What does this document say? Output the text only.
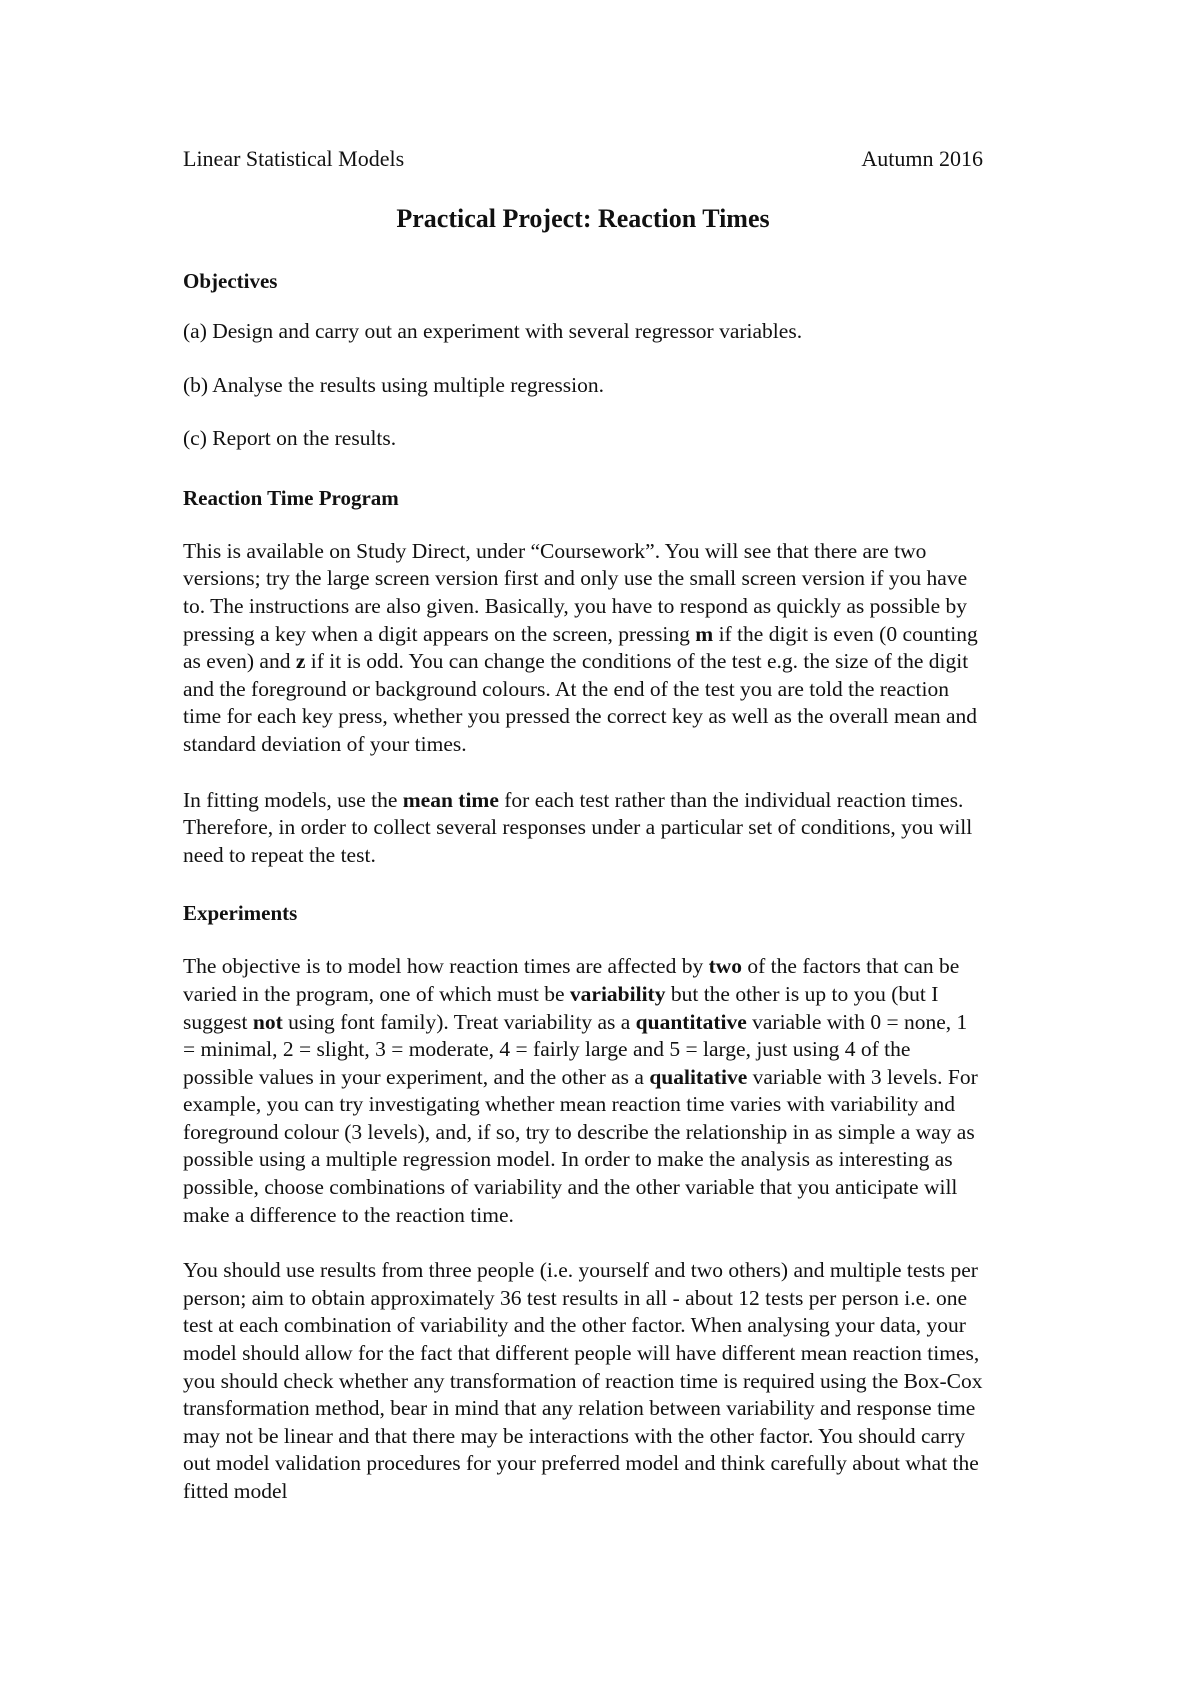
Linear Statistical Models	Autumn 2016
Practical Project: Reaction Times
Objectives

(a) Design and carry out an experiment with several regressor variables.

(b) Analyse the results using multiple regression.

(c) Report on the results.

Reaction Time Program

This is available on Study Direct, under “Coursework”. You will see that there are two versions; try the large screen version first and only use the small screen version if you have to. The instructions are also given. Basically, you have to respond as quickly as possible by pressing a key when a digit appears on the screen, pressing m if the digit is even (0 counting as even) and z if it is odd. You can change the conditions of the test e.g. the size of the digit and the foreground or background colours. At the end of the test you are told the reaction time for each key press, whether you pressed the correct key as well as the overall mean and standard deviation of your times.

In fitting models, use the mean time for each test rather than the individual reaction times. Therefore, in order to collect several responses under a particular set of conditions, you will need to repeat the test.

Experiments

The objective is to model how reaction times are affected by two of the factors that can be varied in the program, one of which must be variability but the other is up to you (but I suggest not using font family). Treat variability as a quantitative variable with 0 = none, 1 = minimal, 2 = slight, 3 = moderate, 4 = fairly large and 5 = large, just using 4 of the possible values in your experiment, and the other as a qualitative variable with 3 levels. For example, you can try investigating whether mean reaction time varies with variability and foreground colour (3 levels), and, if so, try to describe the relationship in as simple a way as possible using a multiple regression model. In order to make the analysis as interesting as possible, choose combinations of variability and the other variable that you anticipate will make a difference to the reaction time.

You should use results from three people (i.e. yourself and two others) and multiple tests per person; aim to obtain approximately 36 test results in all - about 12 tests per person i.e. one test at each combination of variability and the other factor. When analysing your data, your model should allow for the fact that different people will have different mean reaction times, you should check whether any transformation of reaction time is required using the Box-Cox transformation method, bear in mind that any relation between variability and response time may not be linear and that there may be interactions with the other factor. You should carry out model validation procedures for your preferred model and think carefully about what the fitted model
